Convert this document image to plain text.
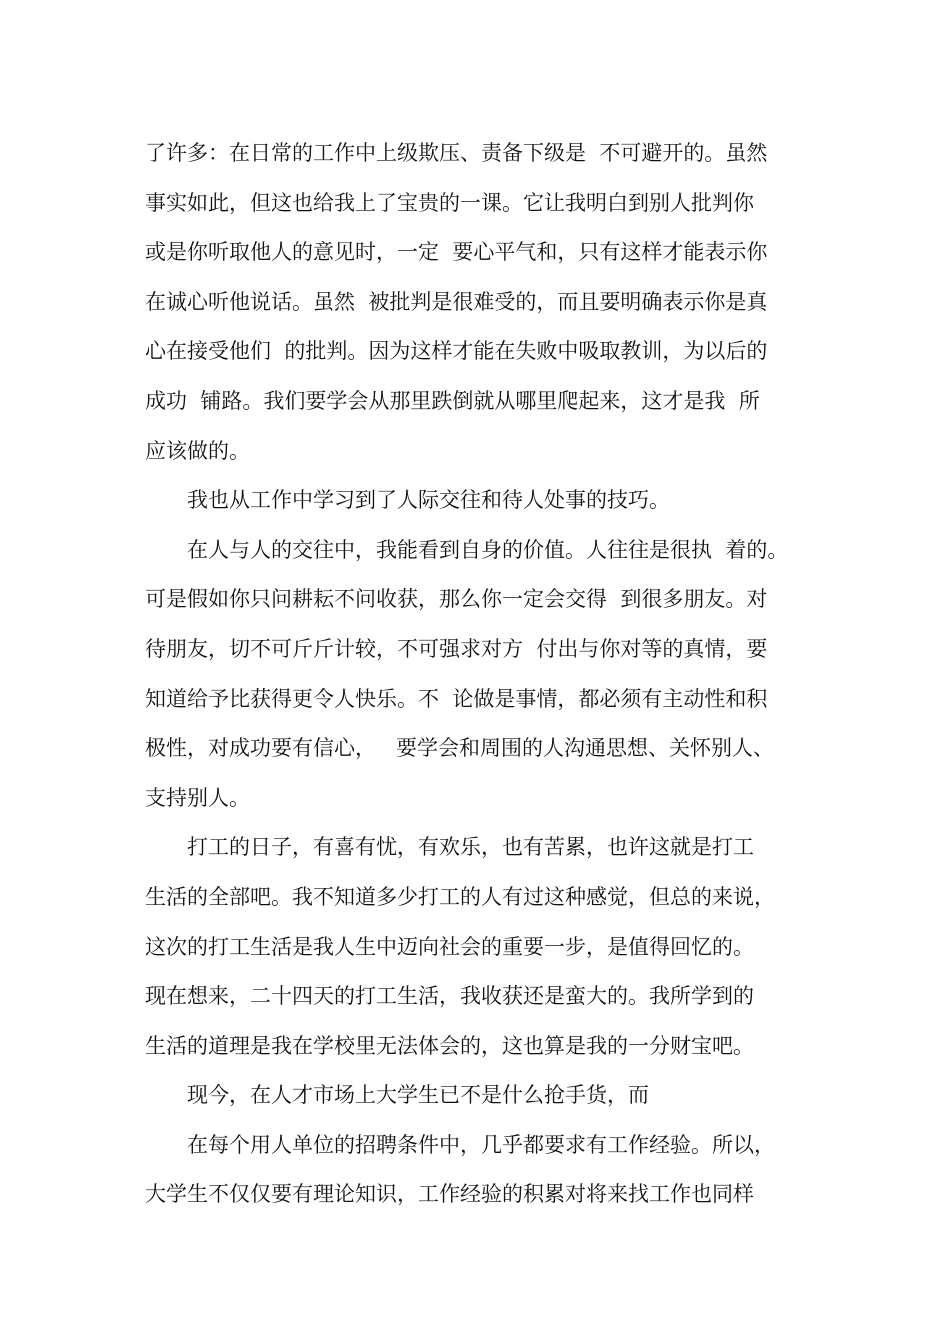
了许多：在日常的工作中上级欺压、责备下级是  不可避开的。虽然
事实如此，但这也给我上了宝贵的一课。它让我明白到别人批判你
或是你听取他人的意见时，一定  要心平气和，只有这样才能表示你
在诚心听他说话。虽然  被批判是很难受的，而且要明确表示你是真
心在接受他们  的批判。因为这样才能在失败中吸取教训，为以后的
成功  铺路。我们要学会从那里跌倒就从哪里爬起来，这才是我  所
应该做的。
我也从工作中学习到了人际交往和待人处事的技巧。
在人与人的交往中，我能看到自身的价值。人往往是很执  着的。
可是假如你只问耕耘不问收获，那么你一定会交得  到很多朋友。对
待朋友，切不可斤斤计较，不可强求对方  付出与你对等的真情，要
知道给予比获得更令人快乐。不  论做是事情，都必须有主动性和积
极性，对成功要有信心，   要学会和周围的人沟通思想、关怀别人、
支持别人。
打工的日子，有喜有忧，有欢乐，也有苦累，也许这就是打工
生活的全部吧。我不知道多少打工的人有过这种感觉，但总的来说，
这次的打工生活是我人生中迈向社会的重要一步，是值得回忆的。
现在想来，二十四天的打工生活，我收获还是蛮大的。我所学到的
生活的道理是我在学校里无法体会的，这也算是我的一分财宝吧。
现今，在人才市场上大学生已不是什么抢手货，而
在每个用人单位的招聘条件中，几乎都要求有工作经验。所以，
大学生不仅仅要有理论知识，工作经验的积累对将来找工作也同样
